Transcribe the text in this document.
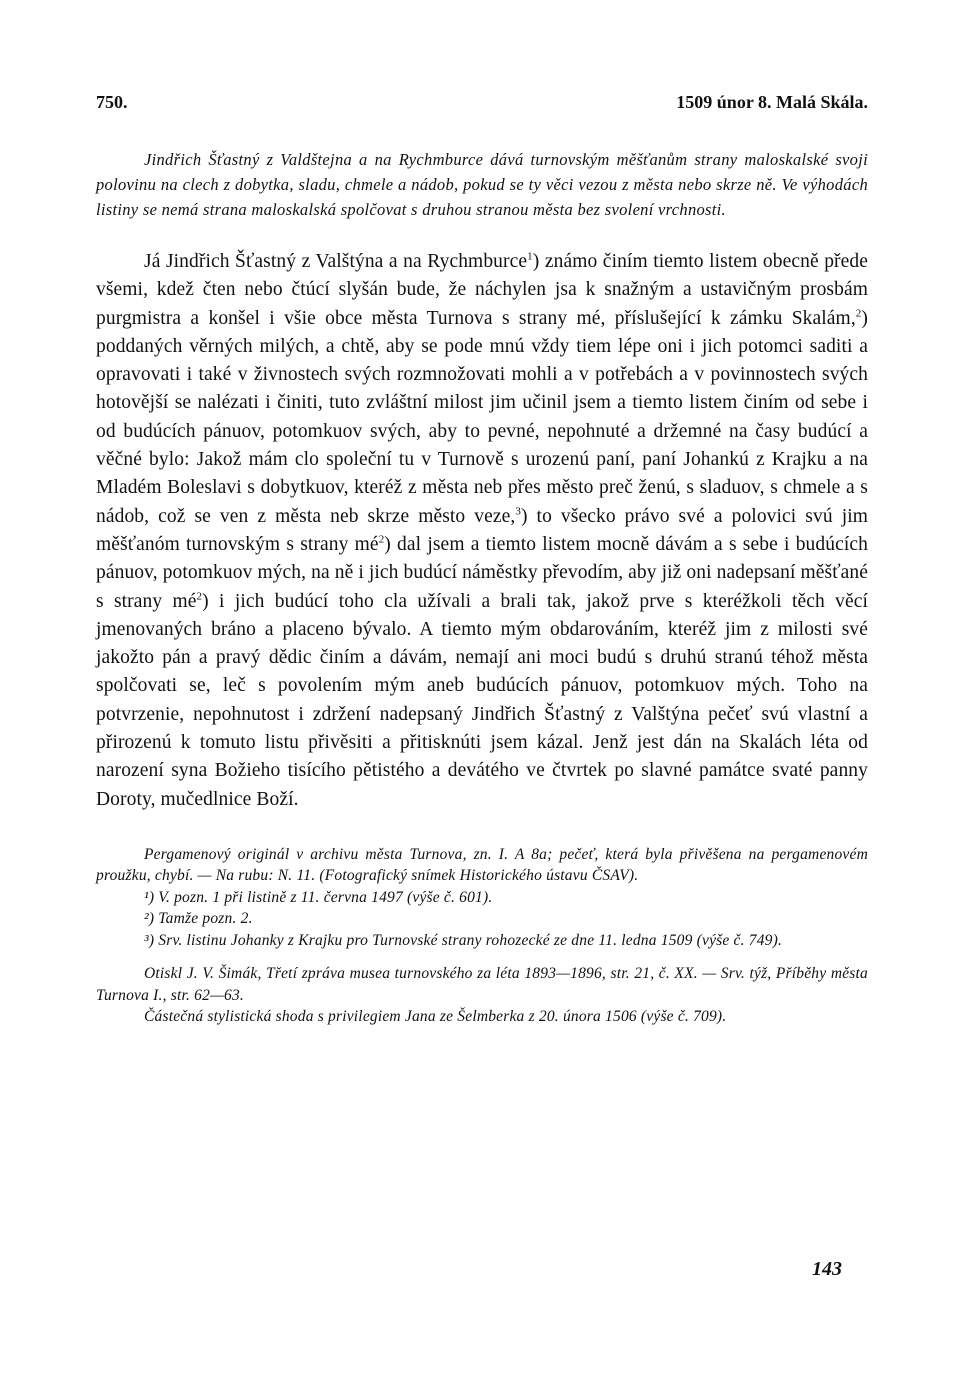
750.	1509 únor 8. Malá Skála.

Jindřich Šťastný z Valdštejna a na Rychmburce dává turnovským měšťanům strany maloskalské svoji polovinu na clech z dobytka, sladu, chmele a nádob, pokud se ty věci vezou z města nebo skrze ně. Ve výhodách listiny se nemá strana maloskalská spolčovat s druhou stranou města bez svolení vrchnosti.

Já Jindřich Šťastný z Valštýna a na Rychmburce$^1$) známo činím tiemto listem obecně přede všemi, kdež čten nebo čtúcí slyšán bude, že náchylen jsa k snažným a ustavičným prosbám purgmistra a konšel i všie obce města Turnova s strany mé, příslušející k zámku Skalám,$^2$) poddaných věrných milých, a chtě, aby se pode mnú vždy tiem lépe oni i jich potomci saditi a opravovati i také v živnostech svých rozmnožovati mohli a v potřebách a v povinnostech svých hotovější se nalézati i činiti, tuto zvláštní milost jim učinil jsem a tiemto listem činím od sebe i od budúcích pánuov, potomkuov svých, aby to pevné, nepohnuté a držemné na časy budúcí a věčné bylo: Jakož mám clo společní tu v Turnově s urozenú paní, paní Johankú z Krajku a na Mladém Boleslavi s dobytkuov, kteréž z města neb přes město preč ženú, s sladuov, s chmele a s nádob, což se ven z města neb skrze město veze,$^3$) to všecko právo své a polovici svú jim měšťanóm turnovským s strany $mé^2$) dal jsem a tiemto listem mocně dávám a s sebe i budúcích pánuov, potomkuov mých, na ně i jich budúcí náměstky převodím, aby již oni nadepsaní měšťané s strany $mé^2$) i jich budúcí toho cla užívali a brali tak, jakož prve s kteréžkoli těch věcí jmenovaných bráno a placeno bývalo. A tiemto mým obdarováním, kteréž jim z milosti své jakožto pán a pravý dědic činím a dávám, nemají ani moci budú s druhú stranú téhož města spolčovati se, leč s povolením mým aneb budúcích pánuov, potomkuov mých. Toho na potvrzenie, nepohnutost i zdržení nadepsaný Jindřich Šťastný z Valštýna pečeť svú vlastní a přirozenú k tomuto listu přivěsiti a přitisknúti jsem kázal. Jenž jest dán na Skalách léta od narození syna Božieho tisícího pětistého a devátého ve čtvrtek po slavné památce svaté panny Doroty, mučedlnice Boží.

Pergamenový originál v archivu města Turnova, zn. I. A 8a; pečeť, která byla přivěšena na pergamenovém proužku, chybí. — Na rubu: N. 11. (Fotografický snímek Historického ústavu ČSAV).

¹) V. pozn. 1 při listině z 11. června 1497 (výše č. 601).

²) Tamže pozn. 2.

³) Srv. listinu Johanky z Krajku pro Turnovské strany rohozecké ze dne 11. ledna 1509 (výše č. 749).

Otiskl J. V. Šimák, Třetí zpráva musea turnovského za léta 1893—1896, str. 21, č. XX. — Srv. týž, Příběhy města Turnova I., str. 62—63.

Částečná stylistická shoda s privilegiem Jana ze Šelmberka z 20. února 1506 (výše č. 709).

143
